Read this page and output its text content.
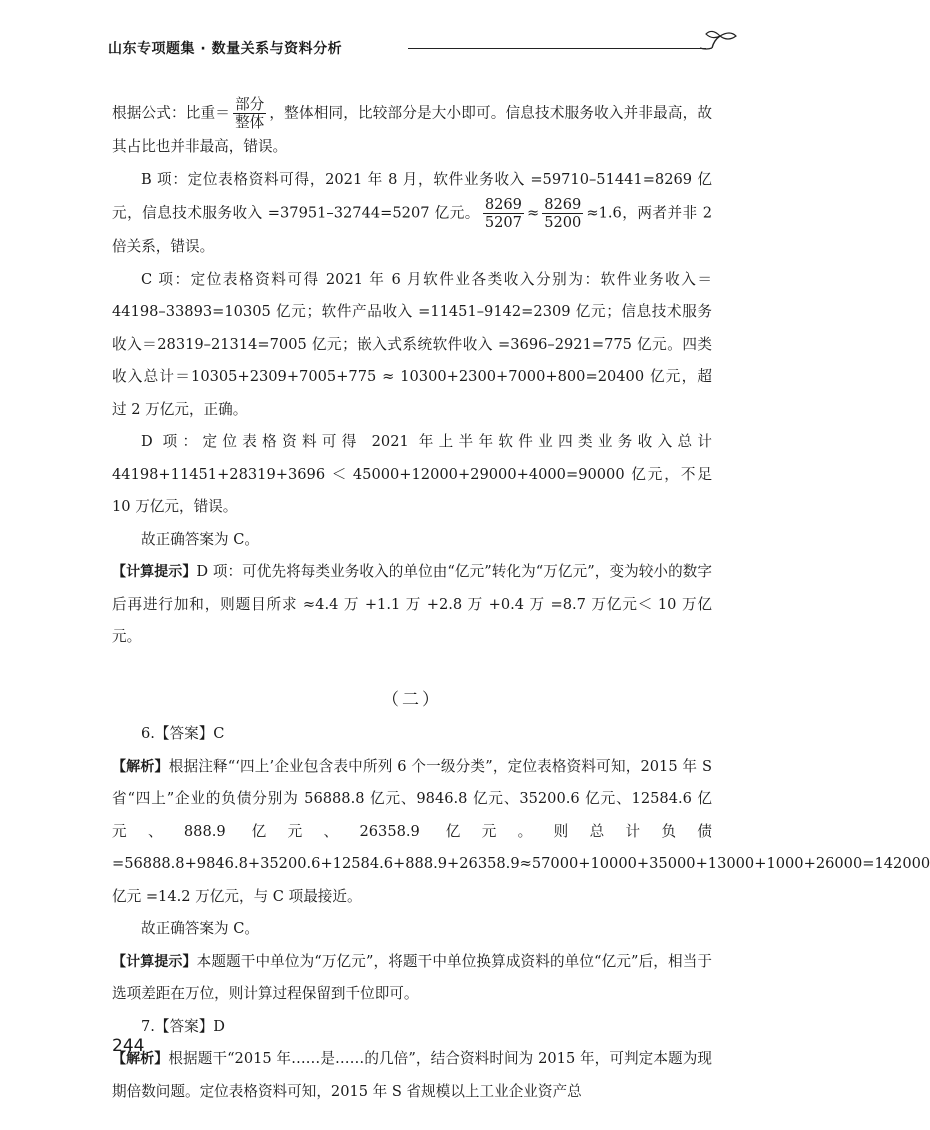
山东专项题集 · 数量关系与资料分析

根据公式：比重＝ $\frac{\text{部分}}{\text{整体}}$ ，整体相同，比较部分是大小即可。信息技术服务收入并非最高，故其占比也并非最高，错误。

B 项：定位表格资料可得，2021 年 8 月，软件业务收入 =59710–51441=8269 亿元，信息技术服务收入 =37951–32744=5207 亿元。 $\frac{8269}{5207} \approx \frac{8269}{5200} \approx 1.6$，两者并非 2 倍关系，错误。

C 项：定位表格资料可得 2021 年 6 月软件业各类收入分别为：软件业务收入＝44198–33893=10305 亿元；软件产品收入 =11451–9142=2309 亿元；信息技术服务收入＝28319–21314=7005 亿元；嵌入式系统软件收入 =3696–2921=775 亿元。四类收入总计＝10305+2309+7005+775 ≈ 10300+2300+7000+800=20400 亿元，超过 2 万亿元，正确。

D 项：定位表格资料可得 2021 年上半年软件业四类业务收入总计 44198+11451+28319+3696 ＜ 45000+12000+29000+4000=90000 亿元，不足 10 万亿元，错误。

故正确答案为 C。

【计算提示】D 项：可优先将每类业务收入的单位由“亿元”转化为“万亿元”，变为较小的数字后再进行加和，则题目所求 ≈4.4 万 +1.1 万 +2.8 万 +0.4 万 =8.7 万亿元＜ 10 万亿元。

（二）

6.【答案】C

【解析】根据注释“‘四上’企业包含表中所列 6 个一级分类”，定位表格资料可知，2015 年 S 省“四上”企业的负债分别为 56888.8 亿元、9846.8 亿元、35200.6 亿元、12584.6 亿元、888.9 亿元、26358.9 亿元。则总计负债 =56888.8+9846.8+35200.6+12584.6+888.9+26358.9≈57000+10000+35000+13000+1000+26000=142000 亿元 =14.2 万亿元，与 C 项最接近。

故正确答案为 C。

【计算提示】本题题干中单位为“万亿元”，将题干中单位换算成资料的单位“亿元”后，相当于选项差距在万位，则计算过程保留到千位即可。

7.【答案】D

【解析】根据题干“2015 年……是……的几倍”，结合资料时间为 2015 年，可判定本题为现期倍数问题。定位表格资料可知，2015 年 S 省规模以上工业企业资产总

244
